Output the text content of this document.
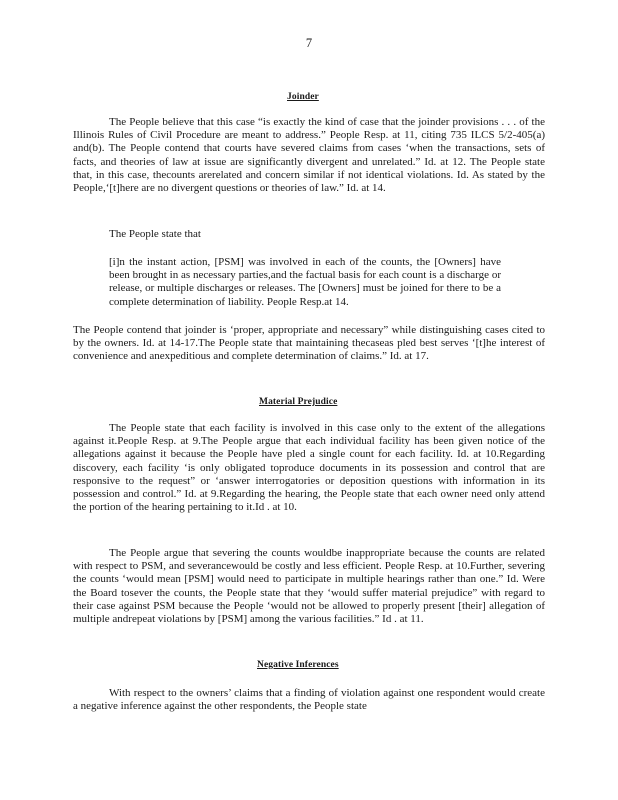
7
Joinder
The People believe that this case “is exactly the kind of case that the joinder provisions . . . of the Illinois Rules of Civil Procedure are meant to address.” People Resp. at 11, citing 735 ILCS 5/2-405(a) and(b). The People contend that courts have severed claims from cases ‘when the transactions, sets of facts, and theories of law at issue are significantly divergent and unrelated.” Id. at 12. The People state that, in this case, thecounts arerelated and concern similar if not identical violations. Id. As stated by the People,‘[t]here are no divergent questions or theories of law.” Id. at 14.
The People state that
[i]n the instant action, [PSM] was involved in each of the counts, the [Owners] have been brought in as necessary parties,and the factual basis for each count is a discharge or release, or multiple discharges or releases. The [Owners] must be joined for there to be a complete determination of liability. People Resp.at 14.
The People contend that joinder is ‘proper, appropriate and necessary” while distinguishing cases cited to by the owners. Id. at 14-17.The People state that maintaining thecaseas pled best serves ‘[t]he interest of convenience and anexpeditious and complete determination of claims.” Id. at 17.
Material Prejudice
The People state that each facility is involved in this case only to the extent of the allegations against it.People Resp. at 9.The People argue that each individual facility has been given notice of the allegations against it because the People have pled a single count for each facility. Id. at 10.Regarding discovery, each facility ‘is only obligated toproduce documents in its possession and control that are responsive to the request” or ‘answer interrogatories or deposition questions with information in its possession and control.” Id. at 9.Regarding the hearing, the People state that each owner need only attend the portion of the hearing pertaining to it.Id . at 10.
The People argue that severing the counts wouldbe inappropriate because the counts are related with respect to PSM, and severancewould be costly and less efficient. People Resp. at 10.Further, severing the counts ‘would mean [PSM] would need to participate in multiple hearings rather than one.” Id. Were the Board tosever the counts, the People state that they ‘would suffer material prejudice” with regard to their case against PSM because the People ‘would not be allowed to properly present [their] allegation of multiple andrepeat violations by [PSM] among the various facilities.” Id . at 11.
Negative Inferences
With respect to the owners’ claims that a finding of violation against one respondent would create a negative inference against the other respondents, the People state
